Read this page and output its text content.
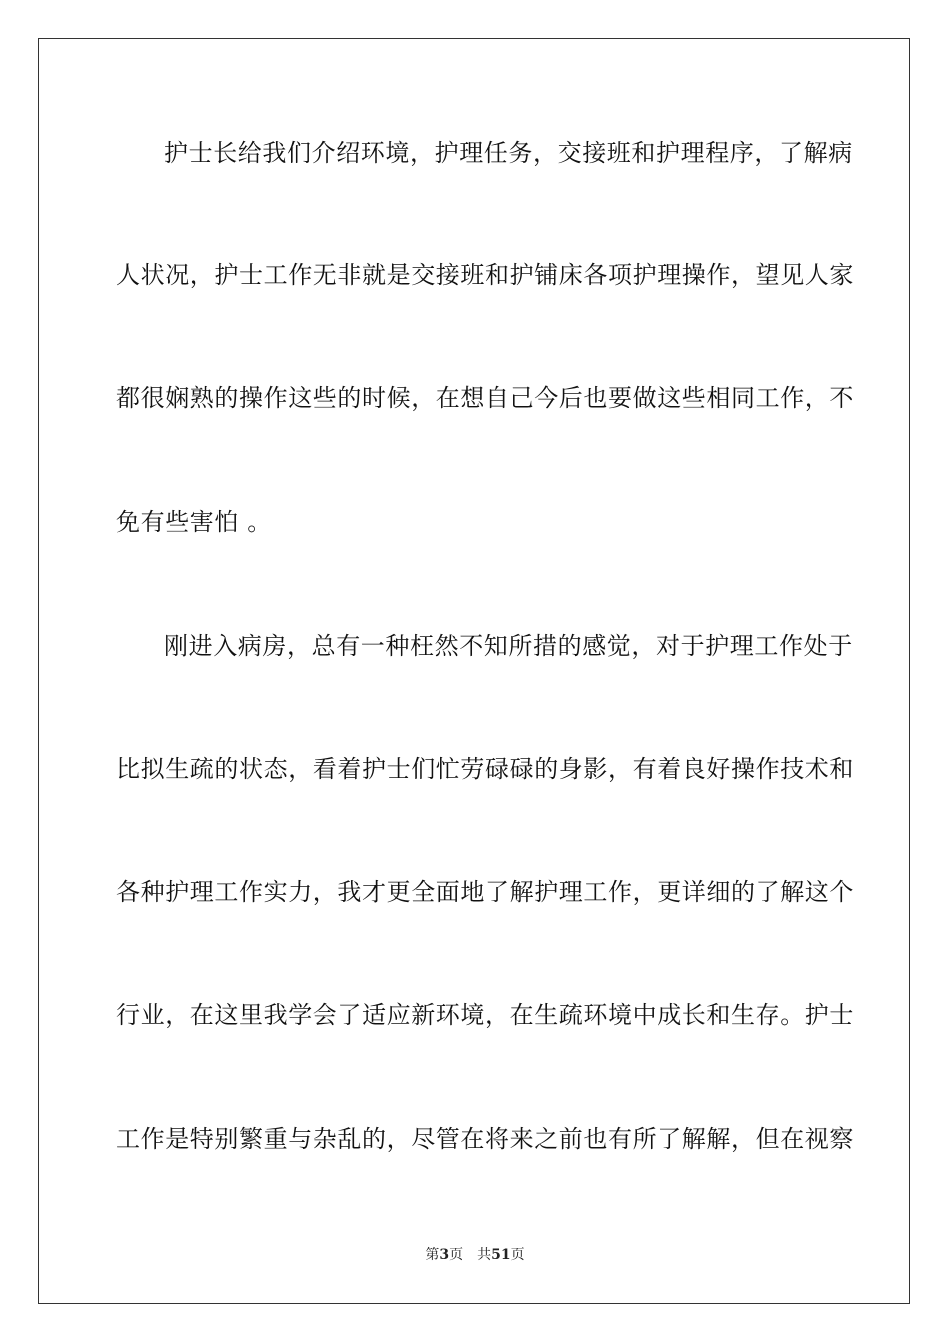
护士长给我们介绍环境，护理任务，交接班和护理程序，了解病
人状况，护士工作无非就是交接班和护铺床各项护理操作，望见人家
都很娴熟的操作这些的时候，在想自己今后也要做这些相同工作，不
免有些害怕 。
刚进入病房，总有一种枉然不知所措的感觉，对于护理工作处于
比拟生疏的状态，看着护士们忙劳碌碌的身影，有着良好操作技术和
各种护理工作实力，我才更全面地了解护理工作，更详细的了解这个
行业，在这里我学会了适应新环境，在生疏环境中成长和生存。护士
工作是特别繁重与杂乱的，尽管在将来之前也有所了解解，但在视察
第3页 共51页
